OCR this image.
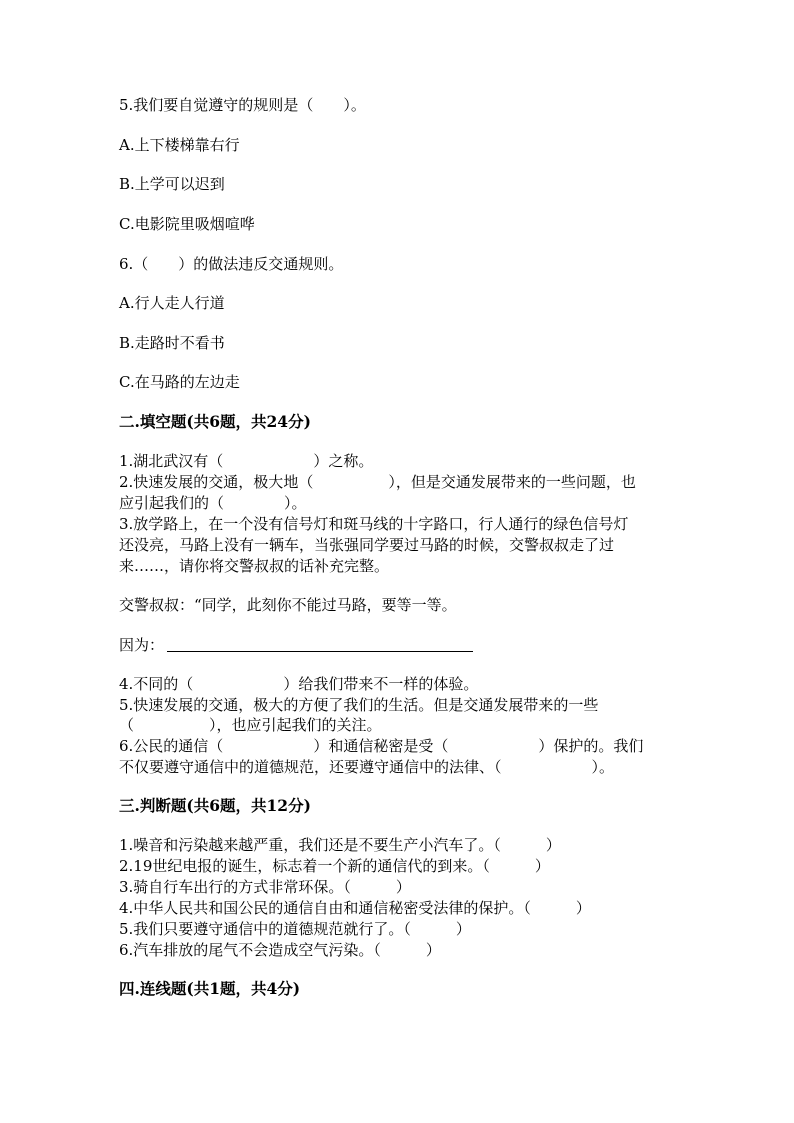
5.我们要自觉遵守的规则是（　　）。
A.上下楼梯靠右行
B.上学可以迟到
C.电影院里吸烟喧哗
6.（　　）的做法违反交通规则。
A.行人走人行道
B.走路时不看书
C.在马路的左边走
二.填空题(共6题，共24分)
1.湖北武汉有（　　　　　　）之称。
2.快速发展的交通，极大地（　　　　　），但是交通发展带来的一些问题，也
应引起我们的（　　　　）。
3.放学路上，在一个没有信号灯和斑马线的十字路口，行人通行的绿色信号灯
还没亮，马路上没有一辆车，当张强同学要过马路的时候，交警叔叔走了过
来……，请你将交警叔叔的话补充完整。
交警叔叔：“同学，此刻你不能过马路，要等一等。
因为：
4.不同的（　　　　　　）给我们带来不一样的体验。
5.快速发展的交通，极大的方便了我们的生活。但是交通发展带来的一些
（　　　　　），也应引起我们的关注。
6.公民的通信（　　　　　　）和通信秘密是受（　　　　　　）保护的。我们
不仅要遵守通信中的道德规范，还要遵守通信中的法律、（　　　　　　）。
三.判断题(共6题，共12分)
1.噪音和污染越来越严重，我们还是不要生产小汽车了。（　　　）
2.19世纪电报的诞生，标志着一个新的通信代的到来。（　　　）
3.骑自行车出行的方式非常环保。（　　　）
4.中华人民共和国公民的通信自由和通信秘密受法律的保护。（　　　）
5.我们只要遵守通信中的道德规范就行了。（　　　）
6.汽车排放的尾气不会造成空气污染。（　　　）
四.连线题(共1题，共4分)
